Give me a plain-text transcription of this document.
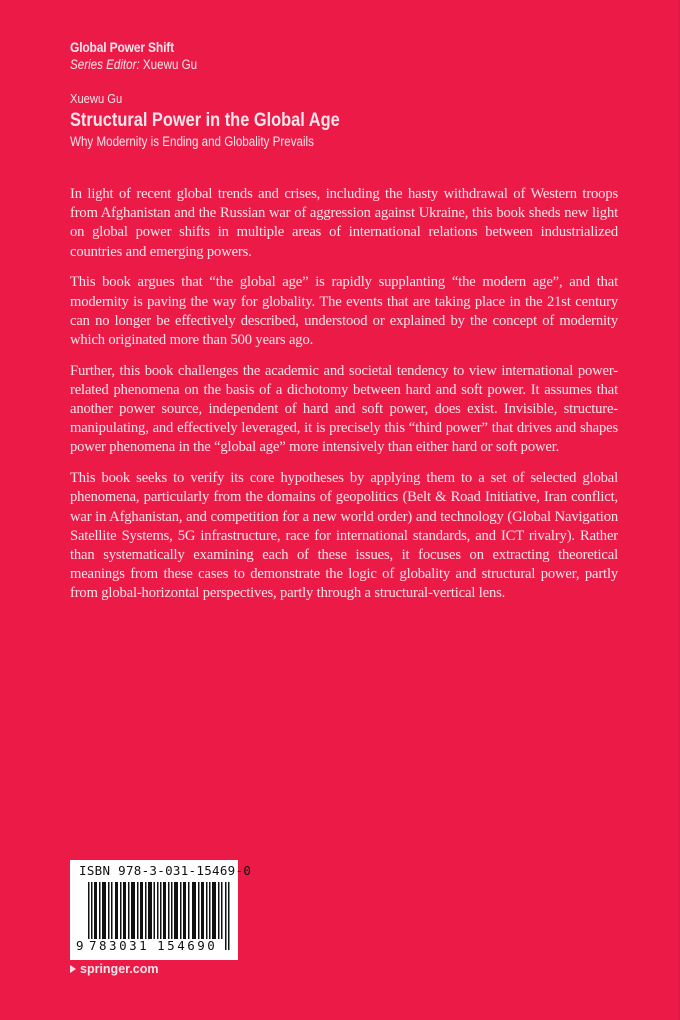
Global Power Shift
Series Editor: Xuewu Gu
Xuewu Gu
Structural Power in the Global Age
Why Modernity is Ending and Globality Prevails

In light of recent global trends and crises, including the hasty withdrawal of Western troops from Afghanistan and the Russian war of aggression against Ukraine, this book sheds new light on global power shifts in multiple areas of international relations between industrialized countries and emerging powers.

This book argues that “the global age” is rapidly supplanting “the modern age”, and that modernity is paving the way for globality. The events that are taking place in the 21st century can no longer be effectively described, understood or explained by the concept of modernity which originated more than 500 years ago.

Further, this book challenges the academic and societal tendency to view international power-related phenomena on the basis of a dichotomy between hard and soft power. It assumes that another power source, independent of hard and soft power, does exist. Invisible, structure-manipulating, and effectively leveraged, it is precisely this “third power” that drives and shapes power phenomena in the “global age” more intensively than either hard or soft power.

This book seeks to verify its core hypotheses by applying them to a set of selected global phenomena, particularly from the domains of geopolitics (Belt & Road Initiative, Iran conflict, war in Afghanistan, and competition for a new world order) and technology (Global Navigation Satellite Systems, 5G infrastructure, race for international standards, and ICT rivalry). Rather than systematically examining each of these issues, it focuses on extracting theoretical meanings from these cases to demonstrate the logic of globality and structural power, partly from global-horizontal perspectives, partly through a structural-vertical lens.

ISBN 978-3-031-15469-0
9 783031 154690
springer.com
